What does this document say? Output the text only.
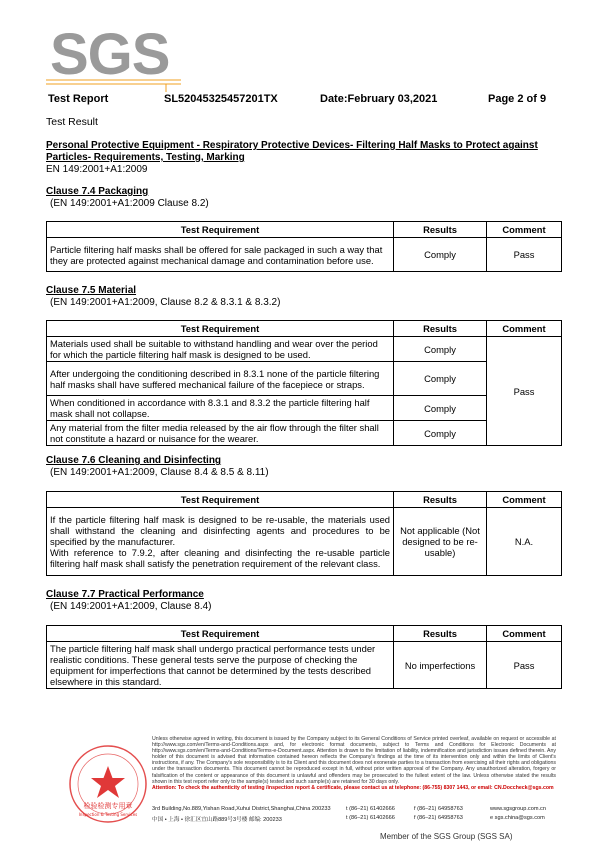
SGS
Test Report	SL52045325457201TX	Date:February 03,2021	Page 2 of 9
Test Result
Personal Protective Equipment - Respiratory Protective Devices- Filtering Half Masks to Protect against
Particles- Requirements, Testing, Marking
EN 149:2001+A1:2009
Clause 7.4 Packaging
(EN 149:2001+A1:2009 Clause 8.2)
Test Requirement	Results	Comment
Particle filtering half masks shall be offered for sale packaged in such a way that they are protected against mechanical damage and contamination before use.	Comply	Pass
Clause 7.5 Material
(EN 149:2001+A1:2009, Clause 8.2 & 8.3.1 & 8.3.2)
Test Requirement	Results	Comment
Materials used shall be suitable to withstand handling and wear over the period for which the particle filtering half mask is designed to be used.	Comply	Pass
After undergoing the conditioning described in 8.3.1 none of the particle filtering half masks shall have suffered mechanical failure of the facepiece or straps.	Comply	
When conditioned in accordance with 8.3.1 and 8.3.2 the particle filtering half mask shall not collapse.	Comply	
Any material from the filter media released by the air flow through the filter shall not constitute a hazard or nuisance for the wearer.	Comply	
Clause 7.6 Cleaning and Disinfecting
(EN 149:2001+A1:2009, Clause 8.4 & 8.5 & 8.11)
Test Requirement	Results	Comment

If the particle filtering half mask is designed to be re-usable, the materials used shall withstand the cleaning and disinfecting agents and procedures to be specified by the manufacturer.
With reference to 7.9.2, after cleaning and disinfecting the re-usable particle filtering half mask shall satisfy the penetration requirement of the relevant class.	Not applicable (Not designed to be re-usable)	N.A.
Clause 7.7 Practical Performance
(EN 149:2001+A1:2009, Clause 8.4)
Test Requirement	Results	Comment
The particle filtering half mask shall undergo practical performance tests under realistic conditions. These general tests serve the purpose of checking the equipment for imperfections that cannot be determined by the tests described elsewhere in this standard.	No imperfections	Pass
检验检测专用章
Inspection & Testing Services
Unless otherwise agreed in writing, this document is issued by the Company subject to its General Conditions of Service printed overleaf, available on request or accessible at http://www.sgs.com/en/Terms-and-Conditions.aspx and, for electronic format documents, subject to Terms and Conditions for Electronic Documents at http://www.sgs.com/en/Terms-and-Conditions/Terms-e-Document.aspx. Attention is drawn to the limitation of liability, indemnification and jurisdiction issues defined therein. Any holder of this document is advised that information contained hereon reflects the Company's findings at the time of its intervention only and within the limits of Client's instructions, if any. The Company's sole responsibility is to its Client and this document does not exonerate parties to a transaction from exercising all their rights and obligations under the transaction documents. This document cannot be reproduced except in full, without prior written approval of the Company. Any unauthorized alteration, forgery or falsification of the content or appearance of this document is unlawful and offenders may be prosecuted to the fullest extent of the law. Unless otherwise stated the results shown in this test report refer only to the sample(s) tested and such sample(s) are retained for 30 days only.
Attention: To check the authenticity of testing /inspection report & certificate, please contact us at telephone: (86-755) 8307 1443, or email: CN.Doccheck@sgs.com
3rd Building,No.889,Yishan Road,Xuhui District,Shanghai,China 200233	t (86–21) 61402666	f (86–21) 64958763	www.sgsgroup.com.cn
中国 • 上海 • 徐汇区宜山路889号3号楼 邮编: 200233	t (86–21) 61402666	f (86–21) 64958763	e sgs.china@sgs.com
Member of the SGS Group (SGS SA)
